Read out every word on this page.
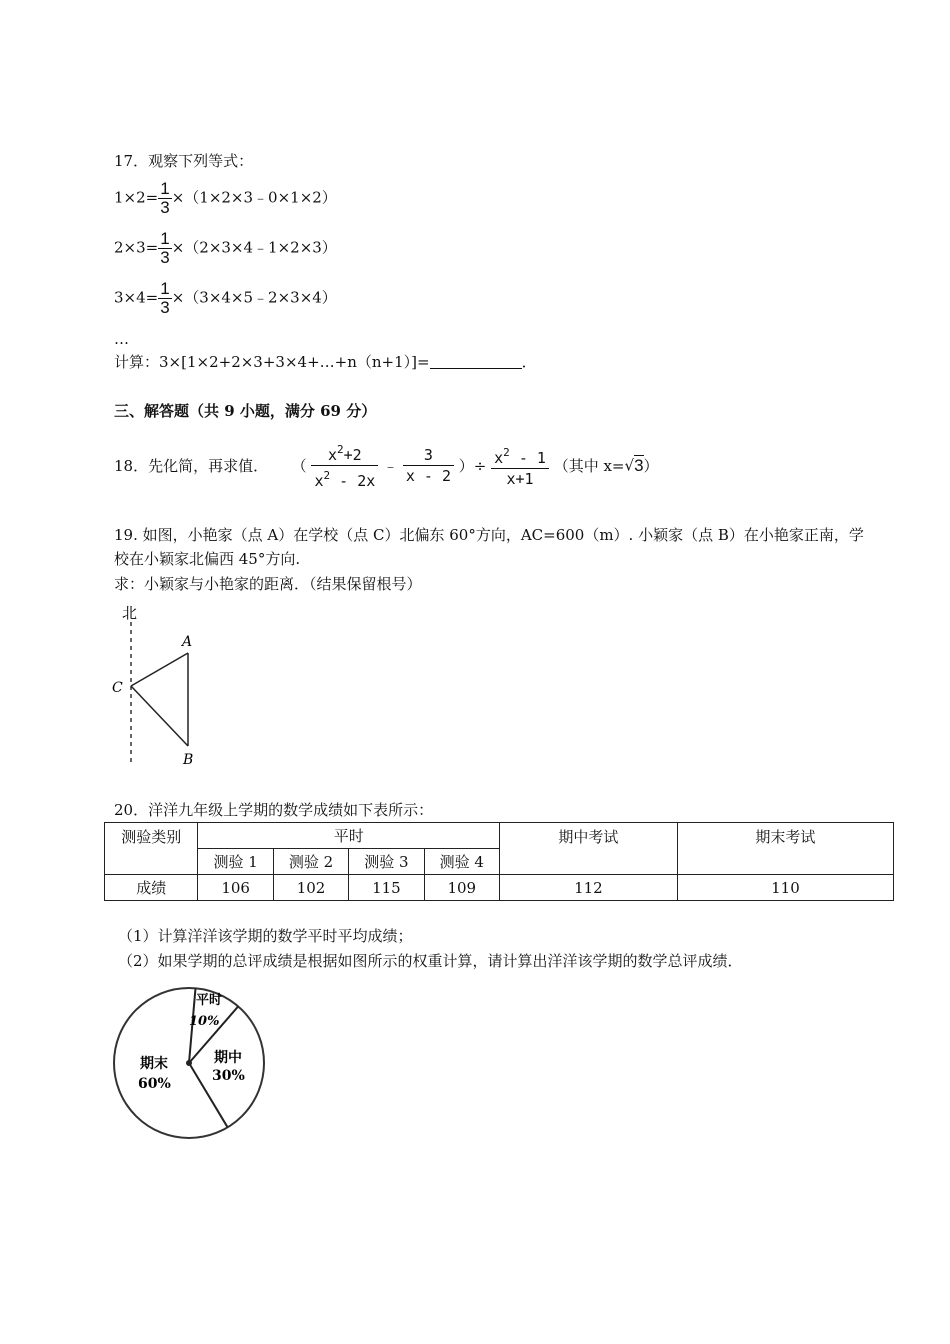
17．观察下列等式：
$1\times 2= \frac{1}{3}$ ×（1×2×3﹣0×1×2）
$2\times 3= \frac{1}{3}$ ×（2×3×4﹣1×2×3）
$3\times 4= \frac{1}{3}$ ×（3×4×5﹣2×3×4）
…
计算：3×[1×2+2×3+3×4+…+n（n+1）]=	．
三、解答题（共 9 小题，满分 69 分）
18．先化简，再求值． （ $\frac{x^2+2}{x^2 - 2x}$ ﹣ $\frac{3}{x - 2}$ ）÷ $\frac{x^2 - 1}{x+1}$ （其中 x=√3）
19. 如图，小艳家（点 A）在学校（点 C）北偏东 60°方向，AC=600（m）. 小颖家（点 B）在小艳家正南，学
校在小颖家北偏西 45°方向.
求：小颖家与小艳家的距离．（结果保留根号）
北
A
C
B
20．洋洋九年级上学期的数学成绩如下表所示：
测验类别	平时				期中考试	期末考试
	测验 1	测验 2	测验 3	测验 4		
成绩	106	102	115	109	112	110
（1）计算洋洋该学期的数学平时平均成绩；
（2）如果学期的总评成绩是根据如图所示的权重计算，请计算出洋洋该学期的数学总评成绩．
平时
10%
期中
30%
期末
60%
